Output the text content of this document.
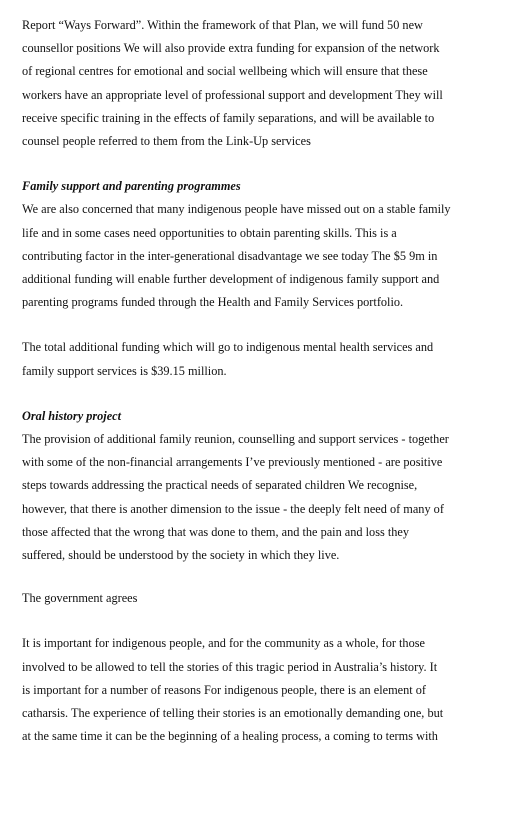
Report “Ways Forward”. Within the framework of that Plan, we will fund 50 new
counsellor positions We will also provide extra funding for expansion of the network
of regional centres for emotional and social wellbeing which will ensure that these
workers have an appropriate level of professional support and development They will
receive specific training in the effects of family separations, and will be available to
counsel people referred to them from the Link-Up services
Family support and parenting programmes
We are also concerned that many indigenous people have missed out on a stable family
life and in some cases need opportunities to obtain parenting skills. This is a
contributing factor in the inter-generational disadvantage we see today The $5 9m in
additional funding will enable further development of indigenous family support and
parenting programs funded through the Health and Family Services portfolio.
The total additional funding which will go to indigenous mental health services and
family support services is $39.15 million.
Oral history project
The provision of additional family reunion, counselling and support services - together
with some of the non-financial arrangements I’ve previously mentioned - are positive
steps towards addressing the practical needs of separated children We recognise,
however, that there is another dimension to the issue - the deeply felt need of many of
those affected that the wrong that was done to them, and the pain and loss they
suffered, should be understood by the society in which they live.
The government agrees
It is important for indigenous people, and for the community as a whole, for those
involved to be allowed to tell the stories of this tragic period in Australia’s history. It
is important for a number of reasons For indigenous people, there is an element of
catharsis. The experience of telling their stories is an emotionally demanding one, but
at the same time it can be the beginning of a healing process, a coming to terms with
